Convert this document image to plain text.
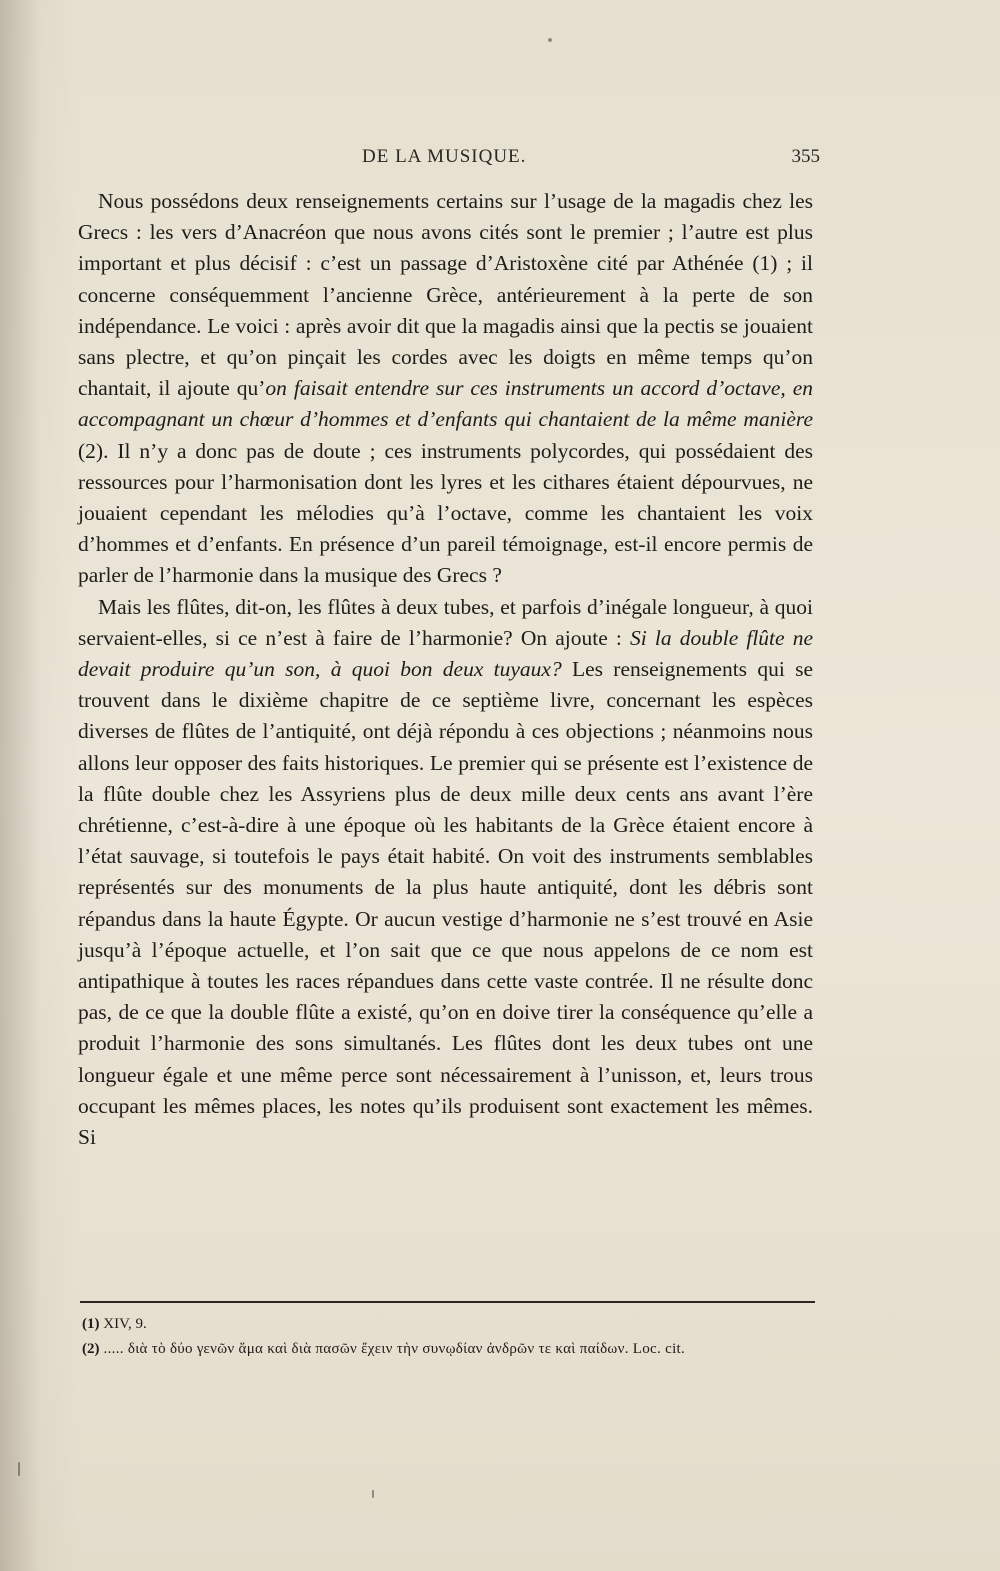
DE LA MUSIQUE.	355

Nous possédons deux renseignements certains sur l’usage de la magadis chez les Grecs : les vers d’Anacréon que nous avons cités sont le premier ; l’autre est plus important et plus décisif : c’est un passage d’Aristoxène cité par Athénée (1) ; il concerne conséquemment l’ancienne Grèce, antérieurement à la perte de son indépendance. Le voici : après avoir dit que la magadis ainsi que la pectis se jouaient sans plectre, et qu’on pinçait les cordes avec les doigts en même temps qu’on chantait, il ajoute qu’on faisait entendre sur ces instruments un accord d’octave, en accompagnant un chœur d’hommes et d’enfants qui chantaient de la même manière (2). Il n’y a donc pas de doute ; ces instruments polycordes, qui possédaient des ressources pour l’harmonisation dont les lyres et les cithares étaient dépourvues, ne jouaient cependant les mélodies qu’à l’octave, comme les chantaient les voix d’hommes et d’enfants. En présence d’un pareil témoignage, est-il encore permis de parler de l’harmonie dans la musique des Grecs ?

Mais les flûtes, dit-on, les flûtes à deux tubes, et parfois d’inégale longueur, à quoi servaient-elles, si ce n’est à faire de l’harmonie? On ajoute : Si la double flûte ne devait produire qu’un son, à quoi bon deux tuyaux? Les renseignements qui se trouvent dans le dixième chapitre de ce septième livre, concernant les espèces diverses de flûtes de l’antiquité, ont déjà répondu à ces objections ; néanmoins nous allons leur opposer des faits historiques. Le premier qui se présente est l’existence de la flûte double chez les Assyriens plus de deux mille deux cents ans avant l’ère chrétienne, c’est-à-dire à une époque où les habitants de la Grèce étaient encore à l’état sauvage, si toutefois le pays était habité. On voit des instruments semblables représentés sur des monuments de la plus haute antiquité, dont les débris sont répandus dans la haute Égypte. Or aucun vestige d’harmonie ne s’est trouvé en Asie jusqu’à l’époque actuelle, et l’on sait que ce que nous appelons de ce nom est antipathique à toutes les races répandues dans cette vaste contrée. Il ne résulte donc pas, de ce que la double flûte a existé, qu’on en doive tirer la conséquence qu’elle a produit l’harmonie des sons simultanés. Les flûtes dont les deux tubes ont une longueur égale et une même perce sont nécessairement à l’unisson, et, leurs trous occupant les mêmes places, les notes qu’ils produisent sont exactement les mêmes. Si

(1) XIV, 9.

(2) ..... διὰ τὸ δύο γενῶν ἅμα καὶ διὰ πασῶν ἔχειν τὴν συνῳδίαν ἀνδρῶν τε καὶ παίδων. Loc. cit.
